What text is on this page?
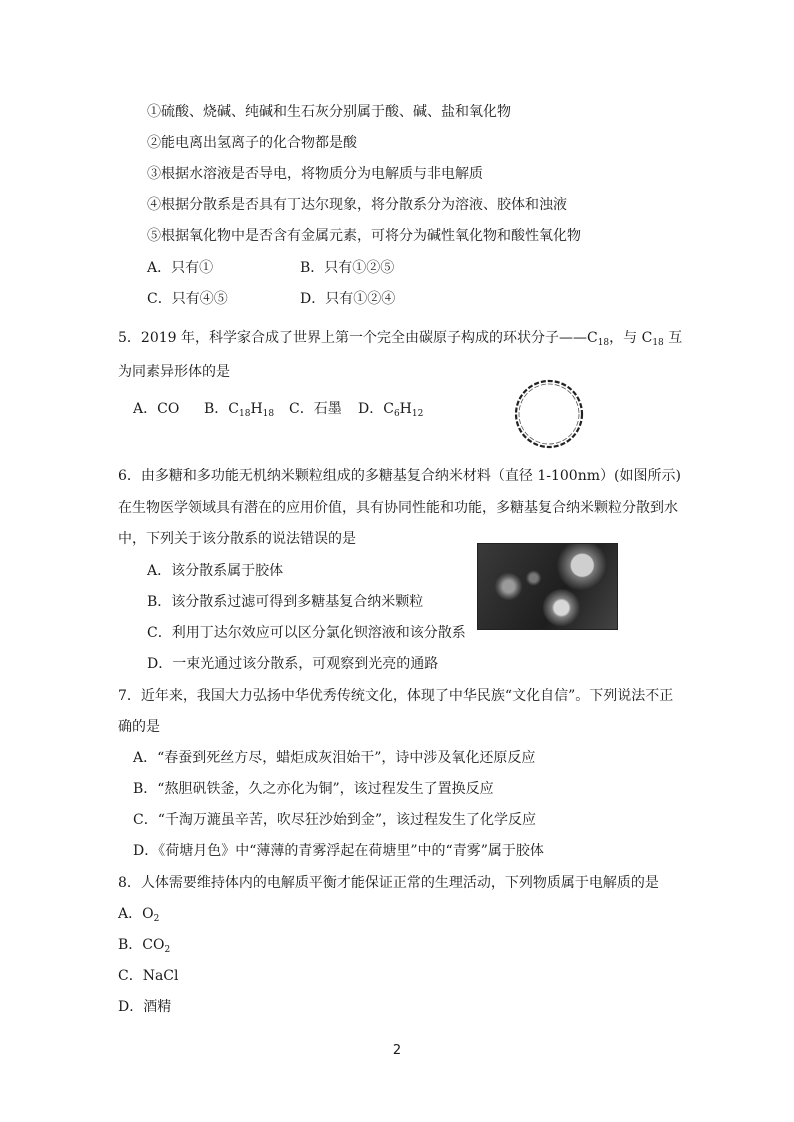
①硫酸、烧碱、纯碱和生石灰分别属于酸、碱、盐和氧化物
②能电离出氢离子的化合物都是酸
③根据水溶液是否导电，将物质分为电解质与非电解质
④根据分散系是否具有丁达尔现象，将分散系分为溶液、胶体和浊液
⑤根据氧化物中是否含有金属元素，可将分为碱性氧化物和酸性氧化物
A．只有①	B．只有①②⑤
C．只有④⑤	D．只有①②④
5．2019 年，科学家合成了世界上第一个完全由碳原子构成的环状分子$——C_{18}$，与 $C_{18}$ 互
为同素异形体的是
A．CO B．$C_{18}H_{18}$ C．石墨 D．$C_6H_{12}$
6．由多糖和多功能无机纳米颗粒组成的多糖基复合纳米材料（直径 1-100nm）(如图所示)
在生物医学领域具有潜在的应用价值，具有协同性能和功能，多糖基复合纳米颗粒分散到水
中，下列关于该分散系的说法错误的是
A．该分散系属于胶体
B．该分散系过滤可得到多糖基复合纳米颗粒
C．利用丁达尔效应可以区分氯化钡溶液和该分散系
D．一束光通过该分散系，可观察到光亮的通路
7．近年来，我国大力弘扬中华优秀传统文化，体现了中华民族“文化自信”。下列说法不正
确的是
A．“春蚕到死丝方尽，蜡炬成灰泪始干”，诗中涉及氧化还原反应
B．“熬胆矾铁釜，久之亦化为铜”，该过程发生了置换反应
C．“千淘万漉虽辛苦，吹尽狂沙始到金”，该过程发生了化学反应
D．《荷塘月色》中“薄薄的青雾浮起在荷塘里”中的“青雾”属于胶体
8．人体需要维持体内的电解质平衡才能保证正常的生理活动，下列物质属于电解质的是
A．$O_2$
B．$CO_2$
C．NaCl
D．酒精
2
